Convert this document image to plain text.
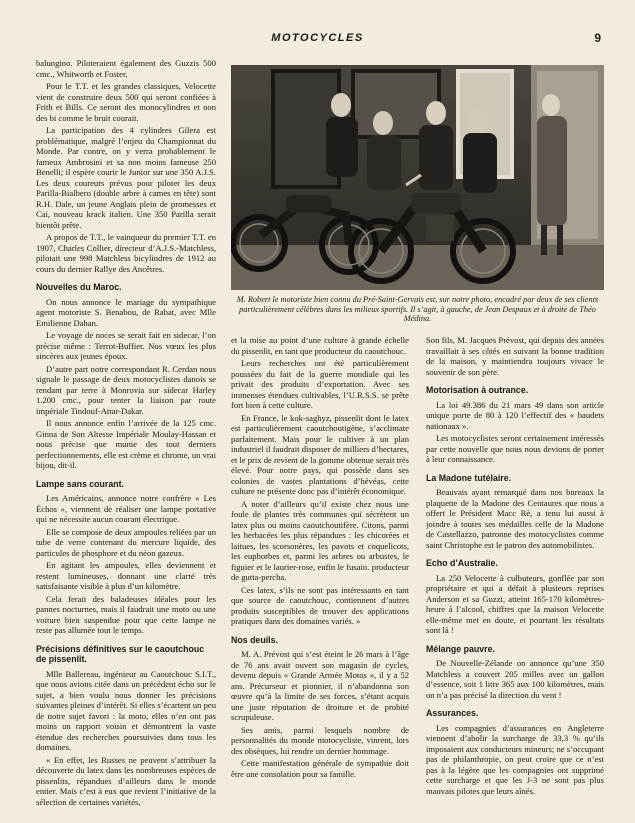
MOTOCYCLES	9

balungino. Piloteraient également des Guzzis 500 cmc., Whitworth et Foster.

Pour le T.T. et les grandes classiques, Velocette vient de construire deux 500 qui seront confiées à Frith et Bills. Ce seront des monocylindres et non des bi comme le bruit courait.

La participation des 4 cylindres Gilera est problématique, malgré l’enjeu du Championnat du Monde. Par contre, on y verra probablement le fameux Ambrosini et sa non moins fameuse 250 Benelli; il espère courir le Junior sur une 350 A.J.S. Les deux coureurs prévus pour piloter les deux Parilla-Bialbero (double arbre à cames en tête) sont R.H. Dale, un jeune Anglais plein de promesses et Cai, nouveau krack italien. Une 350 Parilla serait bientôt prête.

A propos de T.T., le vainqueur du premier T.T. en 1907, Charles Collier, directeur d’A.J.S.-Matchless, pilotait une 998 Matchless bicylindres de 1912 au cours du dernier Rallye des Ancêtres.

Nouvelles du Maroc.

On nous annonce le mariage du sympathique agent motoriste S. Benabou, de Rabat, avec Mlle Emilienne Dahan.

Le voyage de noces se serait fait en sidecar, l’on précise même : Terrot-Buffier. Nos vœux les plus sincères aux jeunes époux.

D’autre part notre correspondant R. Cerdan nous signale le passage de deux motocyclistes danois se rendant par terre à Monrovia sur sidecar Harley 1.200 cmc., pour tenter la liaison par route impériale Tindouf-Attar-Dakar.

Il nous annonce enfin l’arrivée de la 125 cmc. Ginna de Son Altesse Impériale Moulay-Hassan et nous précise que munie des tout derniers perfectionnements, elle est crème et chrome, un vrai bijou, dit-il.

Lampe sans courant.

Les Américains, annonce notre confrère « Les Échos », viennent de réaliser une lampe portative qui ne nécessite aucun courant électrique.

Elle se compose de deux ampoules reliées par un tube de verre contenant du mercure liquide, des particules de phosphore et du néon gazeux.

En agitant les ampoules, elles deviennent et restent lumineuses, donnant une clarté très satisfaisante visible à plus d’un kilomètre.

Cela ferait des baladeuses idéales pour les pannes nocturnes, mais il faudrait une moto ou une voiture bien suspendue pour que cette lampe ne reste pas allumée tout le temps.

Précisions définitives sur le caoutchouc de pissenlit.

Mlle Ballereau, ingénieur au Caoutchouc S.I.T., que nous avions citée dans un précédent écho sur le sujet, a bien voulu nous donner les précisions suivantes pleines d’intérêt. Si elles s’écartent un peu de notre sujet favori : la moto, elles n’en ont pas moins un rapport voisin et démontrent la vaste étendue des recherches poursuivies dans tous les domaines.

« En effet, les Russes ne peuvent s’attribuer la découverte du latex dans les nombreuses espèces de pissenlits, répandues d’ailleurs dans le monde entier. Mais c’est à eux que revient l’initiative de la sélection de certaines variétés,

M. Robert le motoriste bien connu du Pré-Saint-Gervais est, sur notre photo, encadré par deux de ses clients particulièrement célèbres dans les milieux sportifs. Il s’agit, à gauche, de Jean Despaux et à droite de Théo Médina.

et la mise au point d’une culture à grande échelle du pissenlit, en tant que producteur du caoutchouc.

Leurs recherches ont été particulièrement poussées du fait de la guerre mondiale qui les privait des produits d’exportation. Avec ses immenses étendues cultivables, l’U.R.S.S. se prête fort bien à cette culture.

En France, le kok-saghyz, pissenlit dont le latex est particulièrement caoutchoutigène, s’acclimate parfaitement. Mais pour le cultiver à un plan industriel il faudrait disposer de milliers d’hectares, et le prix de revient de la gomme obtenue serait très élevé. Pour notre pays, qui possède dans ses colonies de vastes plantations d’hévéas, cette culture ne présente donc pas d’intérêt économique.

A noter d’ailleurs qu’il existe chez nous une foule de plantes très communes qui sécrètent un latex plus ou moins caoutchoutifère. Citons, parmi les herbacées les plus répandues : les chicorées et laitues, les scorsonères, les pavots et coquelicots, les euphorbes et, parmi les arbres ou arbustes, le figuier et le laurier-rose, enfin le fusain. producteur de gutta-percha.

Ces latex, s’ils ne sont pas intéressants en tant que source de caoutchouc, contiennent d’autres produits susceptibles de trouver des applications pratiques dans des domaines variés. »

Nos deuils.

M. A. Prévost qui s’est éteint le 26 mars à l’âge de 76 ans avait ouvert son magasin de cycles, devenu depuis « Grande Armée Motos », il y a 52 ans. Précurseur et pionnier, il n’abandonna son œuvre qu’à la limite de ses forces, s’étant acquis une juste réputation de droiture et de probité scrupuleuse.

Ses amis, parmi lesquels nombre de personnalités du monde motocycliste, vinrent, lors des obsèques, lui rendre un dernier hommage.

Cette manifestation générale de sympathie doit être une consolation pour sa famille.

Son fils, M. Jacques Prévost, qui depuis des années travaillait à ses côtés en suivant la bonne tradition de la maison, y maintiendra toujours vivace le souvenir de son père.

Motorisation à outrance.

La loi 49.386 du 21 mars 49 dans son article unique porte de 80 à 120 l’effectif des « baudets nationaux ».

Les motocyclistes seront certainement intéressés par cette nouvelle que nous nous devions de porter à leur connaissance.

La Madone tutélaire.

Beauvais ayant remarqué dans nos bureaux la plaquette de la Madone des Centaures que nous a offert le Président Macc Rè, a tenu lui aussi à joindre à toutes ses médailles celle de la Madone de Castellazzo, patronne des motocyclistes comme saint Christophe est le patron des automobilistes.

Echo d’Australie.

La 250 Velocette à culbuteurs, gonflée par son propriétaire et qui a défait à plusieurs reprises Anderson et sa Guzzi, atteint 165-170 kilomètres-heure à l’alcool, chiffres que la maison Velocette elle-même met en doute, et pourtant les résultats sont là !

Mélange pauvre.

De Nouvelle-Zélande on annonce qu’une 350 Matchless a couvert 205 milles avec un gallon d’essence, soit 1 litre 365 aux 100 kilomètres, mais on n’a pas précisé la direction du vent !

Assurances.

Les compagnies d’assurances en Angleterre viennent d’abolir la surcharge de 33,3 % qu’ils imposaient aux conducteurs mineurs; ne s’occupant pas de philanthropie, on peut croire que ce n’est pas à la légère que les compagnies ont supprimé cette surcharge et que les J-3 ne sont pas plus mauvais pilotes que leurs aînés.
